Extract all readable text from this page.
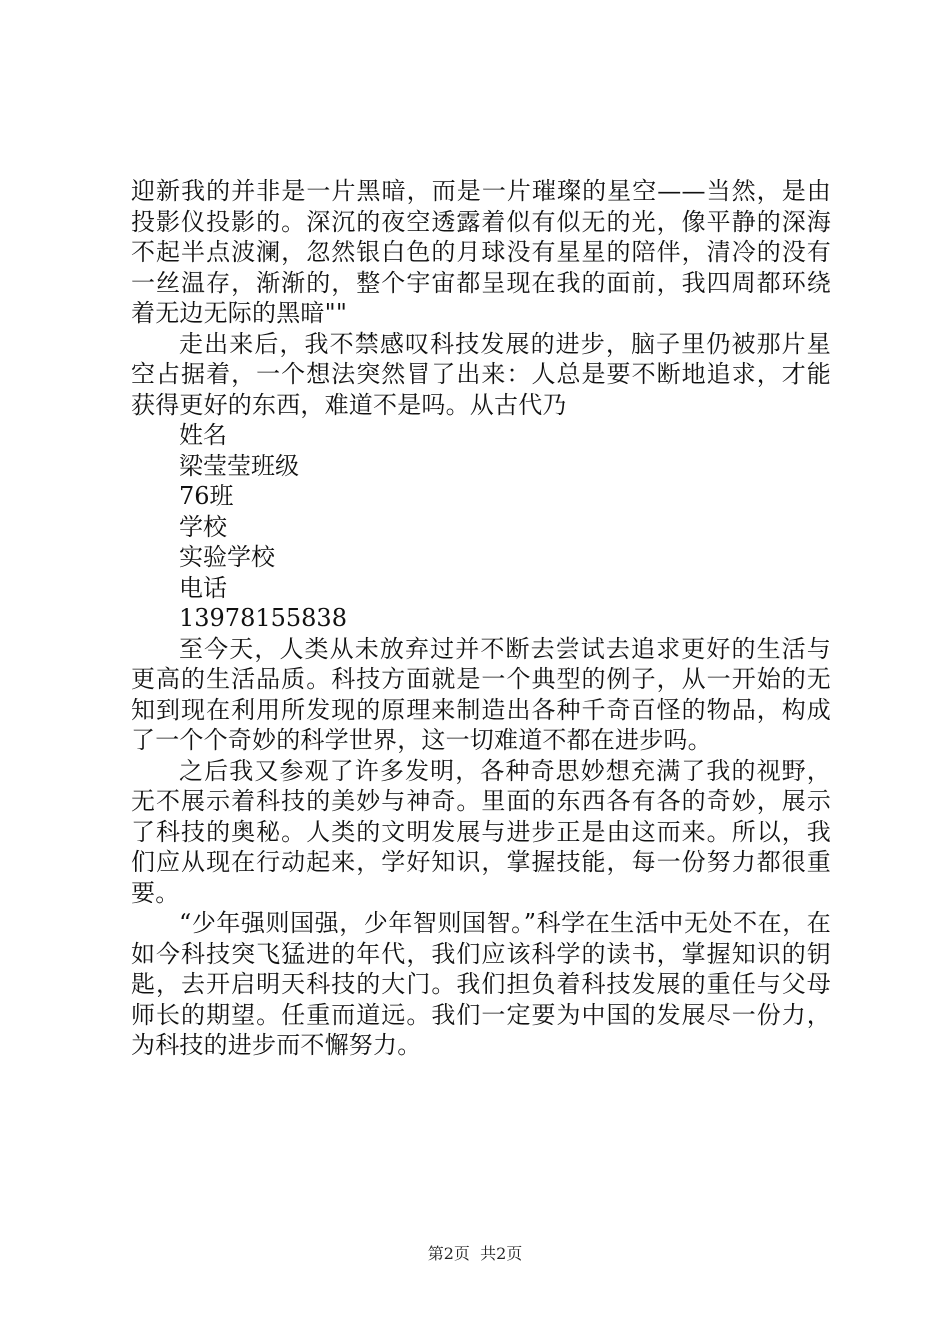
迎新我的并非是一片黑暗，而是一片璀璨的星空——当然，是由投影仪投影的。深沉的夜空透露着似有似无的光，像平静的深海不起半点波澜，忽然银白色的月球没有星星的陪伴，清冷的没有一丝温存，渐渐的，整个宇宙都呈现在我的面前，我四周都环绕着无边无际的黑暗""

走出来后，我不禁感叹科技发展的进步，脑子里仍被那片星空占据着，一个想法突然冒了出来：人总是要不断地追求，才能获得更好的东西，难道不是吗。从古代乃

姓名

梁莹莹班级

76班

学校

实验学校

电话

13978155838

至今天，人类从未放弃过并不断去尝试去追求更好的生活与更高的生活品质。科技方面就是一个典型的例子，从一开始的无知到现在利用所发现的原理来制造出各种千奇百怪的物品，构成了一个个奇妙的科学世界，这一切难道不都在进步吗。

之后我又参观了许多发明，各种奇思妙想充满了我的视野，无不展示着科技的美妙与神奇。里面的东西各有各的奇妙，展示了科技的奥秘。人类的文明发展与进步正是由这而来。所以，我们应从现在行动起来，学好知识，掌握技能，每一份努力都很重要。

“少年强则国强，少年智则国智。”科学在生活中无处不在，在如今科技突飞猛进的年代，我们应该科学的读书，掌握知识的钥匙，去开启明天科技的大门。我们担负着科技发展的重任与父母师长的期望。任重而道远。我们一定要为中国的发展尽一份力，为科技的进步而不懈努力。

第2页  共2页
